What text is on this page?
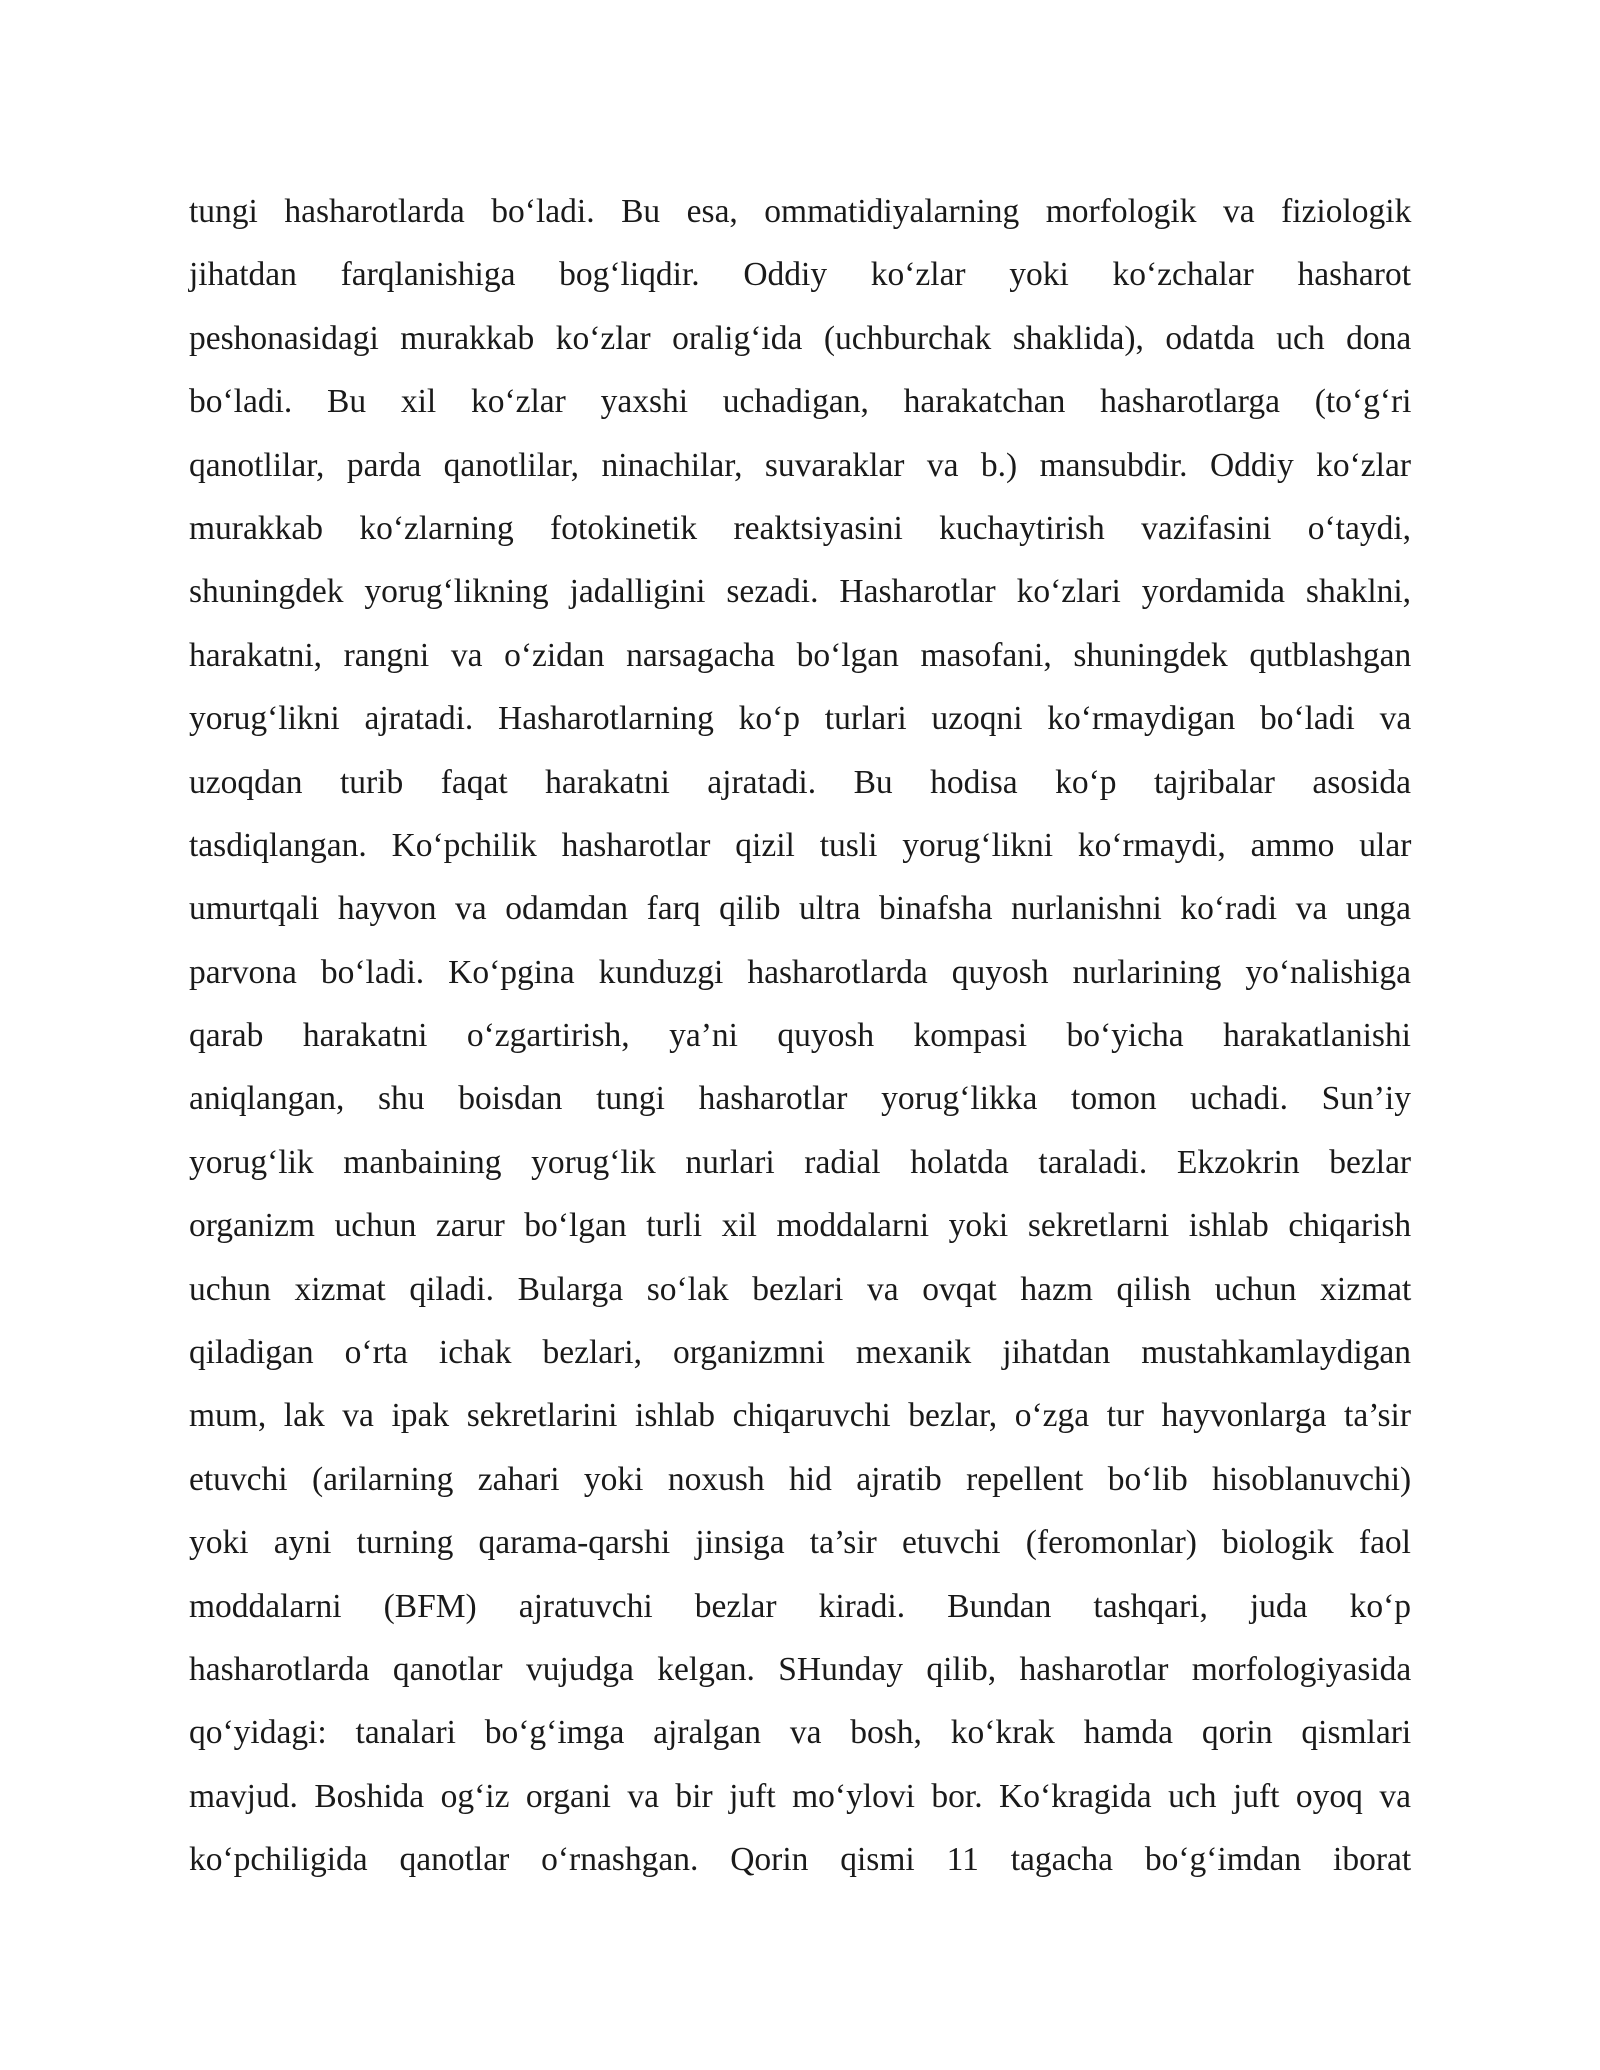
tungi hasharotlarda bo‘ladi. Bu esa, ommatidiyalarning morfologik va fiziologik
jihatdan farqlanishiga bog‘liqdir. Oddiy ko‘zlar yoki ko‘zchalar hasharot
peshonasidagi murakkab ko‘zlar oralig‘ida (uchburchak shaklida), odatda uch dona
bo‘ladi. Bu xil ko‘zlar yaxshi uchadigan, harakatchan hasharotlarga (to‘g‘ri
qanotlilar, parda qanotlilar, ninachilar, suvaraklar va b.) mansubdir. Oddiy ko‘zlar
murakkab ko‘zlarning fotokinetik reaktsiyasini kuchaytirish vazifasini o‘taydi,
shuningdek yorug‘likning jadalligini sezadi. Hasharotlar ko‘zlari yordamida shaklni,
harakatni, rangni va o‘zidan narsagacha bo‘lgan masofani, shuningdek qutblashgan
yorug‘likni ajratadi. Hasharotlarning ko‘p turlari uzoqni ko‘rmaydigan bo‘ladi va
uzoqdan turib faqat harakatni ajratadi. Bu hodisa ko‘p tajribalar asosida
tasdiqlangan. Ko‘pchilik hasharotlar qizil tusli yorug‘likni ko‘rmaydi, ammo ular
umurtqali hayvon va odamdan farq qilib ultra binafsha nurlanishni ko‘radi va unga
parvona bo‘ladi. Ko‘pgina kunduzgi hasharotlarda quyosh nurlarining yo‘nalishiga
qarab harakatni o‘zgartirish, ya’ni quyosh kompasi bo‘yicha harakatlanishi
aniqlangan, shu boisdan tungi hasharotlar yorug‘likka tomon uchadi. Sun’iy
yorug‘lik manbaining yorug‘lik nurlari radial holatda taraladi. Ekzokrin bezlar
organizm uchun zarur bo‘lgan turli xil moddalarni yoki sekretlarni ishlab chiqarish
uchun xizmat qiladi. Bularga so‘lak bezlari va ovqat hazm qilish uchun xizmat
qiladigan o‘rta ichak bezlari, organizmni mexanik jihatdan mustahkamlaydigan
mum, lak va ipak sekretlarini ishlab chiqaruvchi bezlar, o‘zga tur hayvonlarga ta’sir
etuvchi (arilarning zahari yoki noxush hid ajratib repellent bo‘lib hisoblanuvchi)
yoki ayni turning qarama-qarshi jinsiga ta’sir etuvchi (feromonlar) biologik faol
moddalarni (BFM) ajratuvchi bezlar kiradi. Bundan tashqari, juda ko‘p
hasharotlarda qanotlar vujudga kelgan. SHunday qilib, hasharotlar morfologiyasida
qo‘yidagi: tanalari bo‘g‘imga ajralgan va bosh, ko‘krak hamda qorin qismlari
mavjud. Boshida og‘iz organi va bir juft mo‘ylovi bor. Ko‘kragida uch juft oyoq va
ko‘pchiligida qanotlar o‘rnashgan. Qorin qismi 11 tagacha bo‘g‘imdan iborat
